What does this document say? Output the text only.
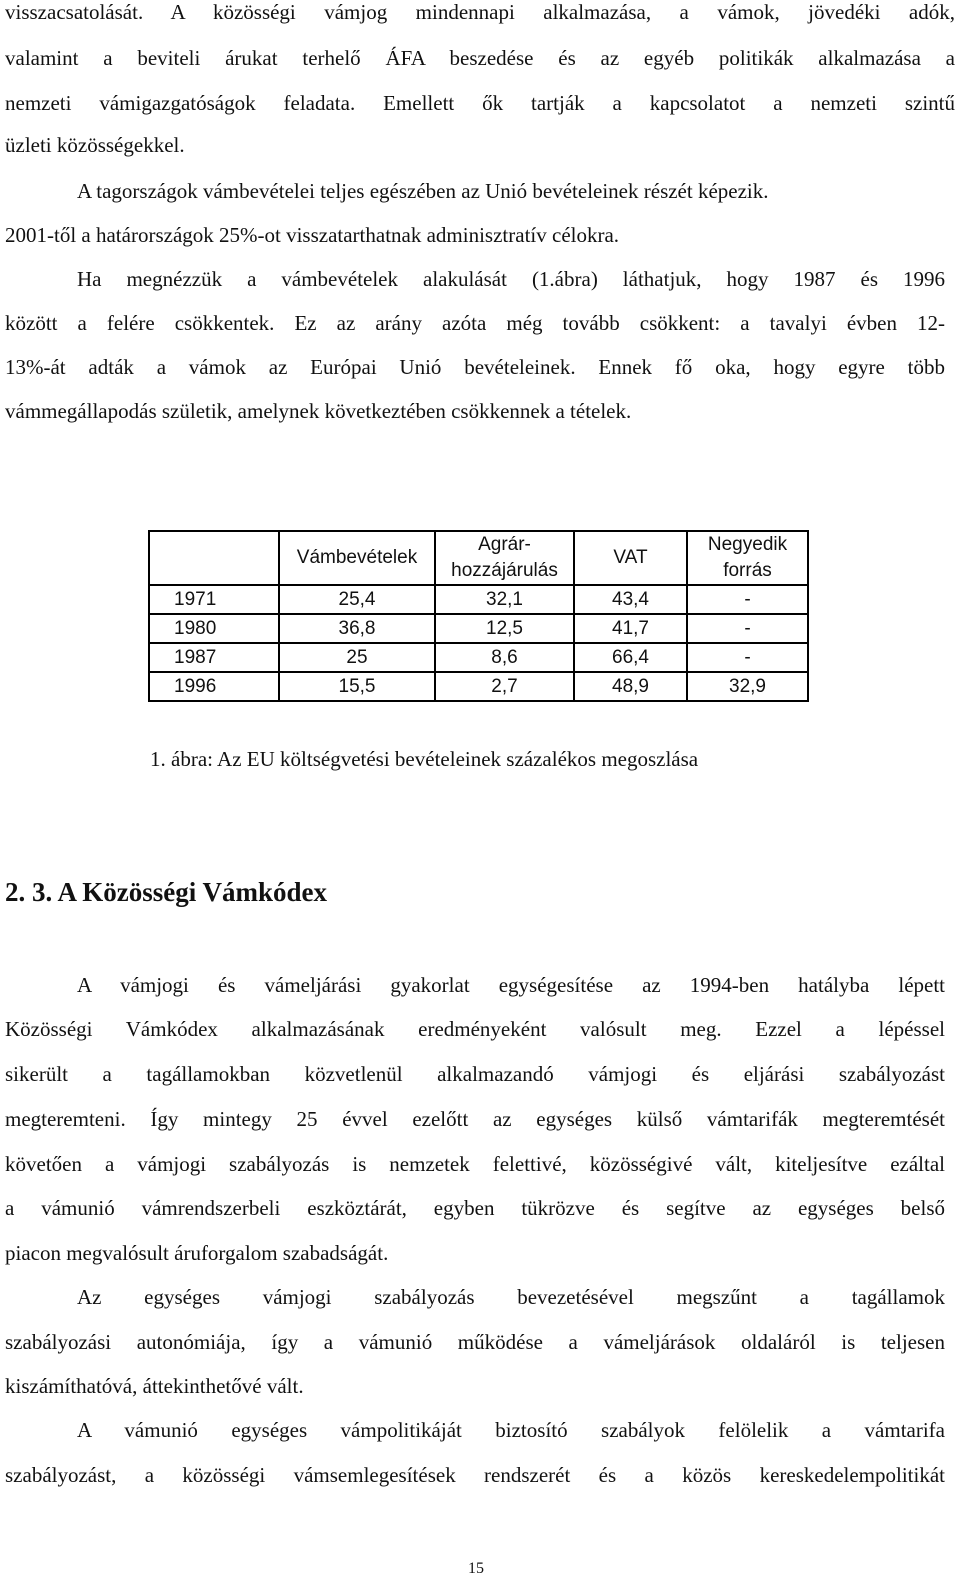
visszacsatolását. A közösségi vámjog mindennapi alkalmazása, a vámok, jövedéki adók,
valamint a beviteli árukat terhelő ÁFA beszedése és az egyéb politikák alkalmazása a
nemzeti vámigazgatóságok feladata. Emellett ők tartják a kapcsolatot a nemzeti szintű
üzleti közösségekkel.
A tagországok vámbevételei teljes egészében az Unió bevételeinek részét képezik.
2001-től a határországok 25%-ot visszatarthatnak adminisztratív célokra.
Ha megnézzük a vámbevételek alakulását (1.ábra) láthatjuk, hogy 1987 és 1996
között a felére csökkentek. Ez az arány azóta még tovább csökkent: a tavalyi évben 12-
13%-át adták a vámok az Európai Unió bevételeinek. Ennek fő oka, hogy egyre több
vámmegállapodás születik, amelynek következtében csökkennek a tételek.
	Vámbevételek	Agrár-
hozzájárulás	VAT	Negyedik
forrás

1971	25,4	32,1	43,4	-
1980	36,8	12,5	41,7	-
1987	25	8,6	66,4	-
1996	15,5	2,7	48,9	32,9
1. ábra: Az EU költségvetési bevételeinek százalékos megoszlása
2. 3. A Közösségi Vámkódex
A vámjogi és vámeljárási gyakorlat egységesítése az 1994-ben hatályba lépett
Közösségi Vámkódex alkalmazásának eredményeként valósult meg. Ezzel a lépéssel
sikerült a tagállamokban közvetlenül alkalmazandó vámjogi és eljárási szabályozást
megteremteni. Így mintegy 25 évvel ezelőtt az egységes külső vámtarifák megteremtését
követően a vámjogi szabályozás is nemzetek felettivé, közösségivé vált, kiteljesítve ezáltal
a vámunió vámrendszerbeli eszköztárát, egyben tükrözve és segítve az egységes belső
piacon megvalósult áruforgalom szabadságát.
Az egységes vámjogi szabályozás bevezetésével megszűnt a tagállamok
szabályozási autonómiája, így a vámunió működése a vámeljárások oldaláról is teljesen
kiszámíthatóvá, áttekinthetővé vált.
A vámunió egységes vámpolitikáját biztosító szabályok felölelik a vámtarifa
szabályozást, a közösségi vámsemlegesítések rendszerét és a közös kereskedelempolitikát
15
